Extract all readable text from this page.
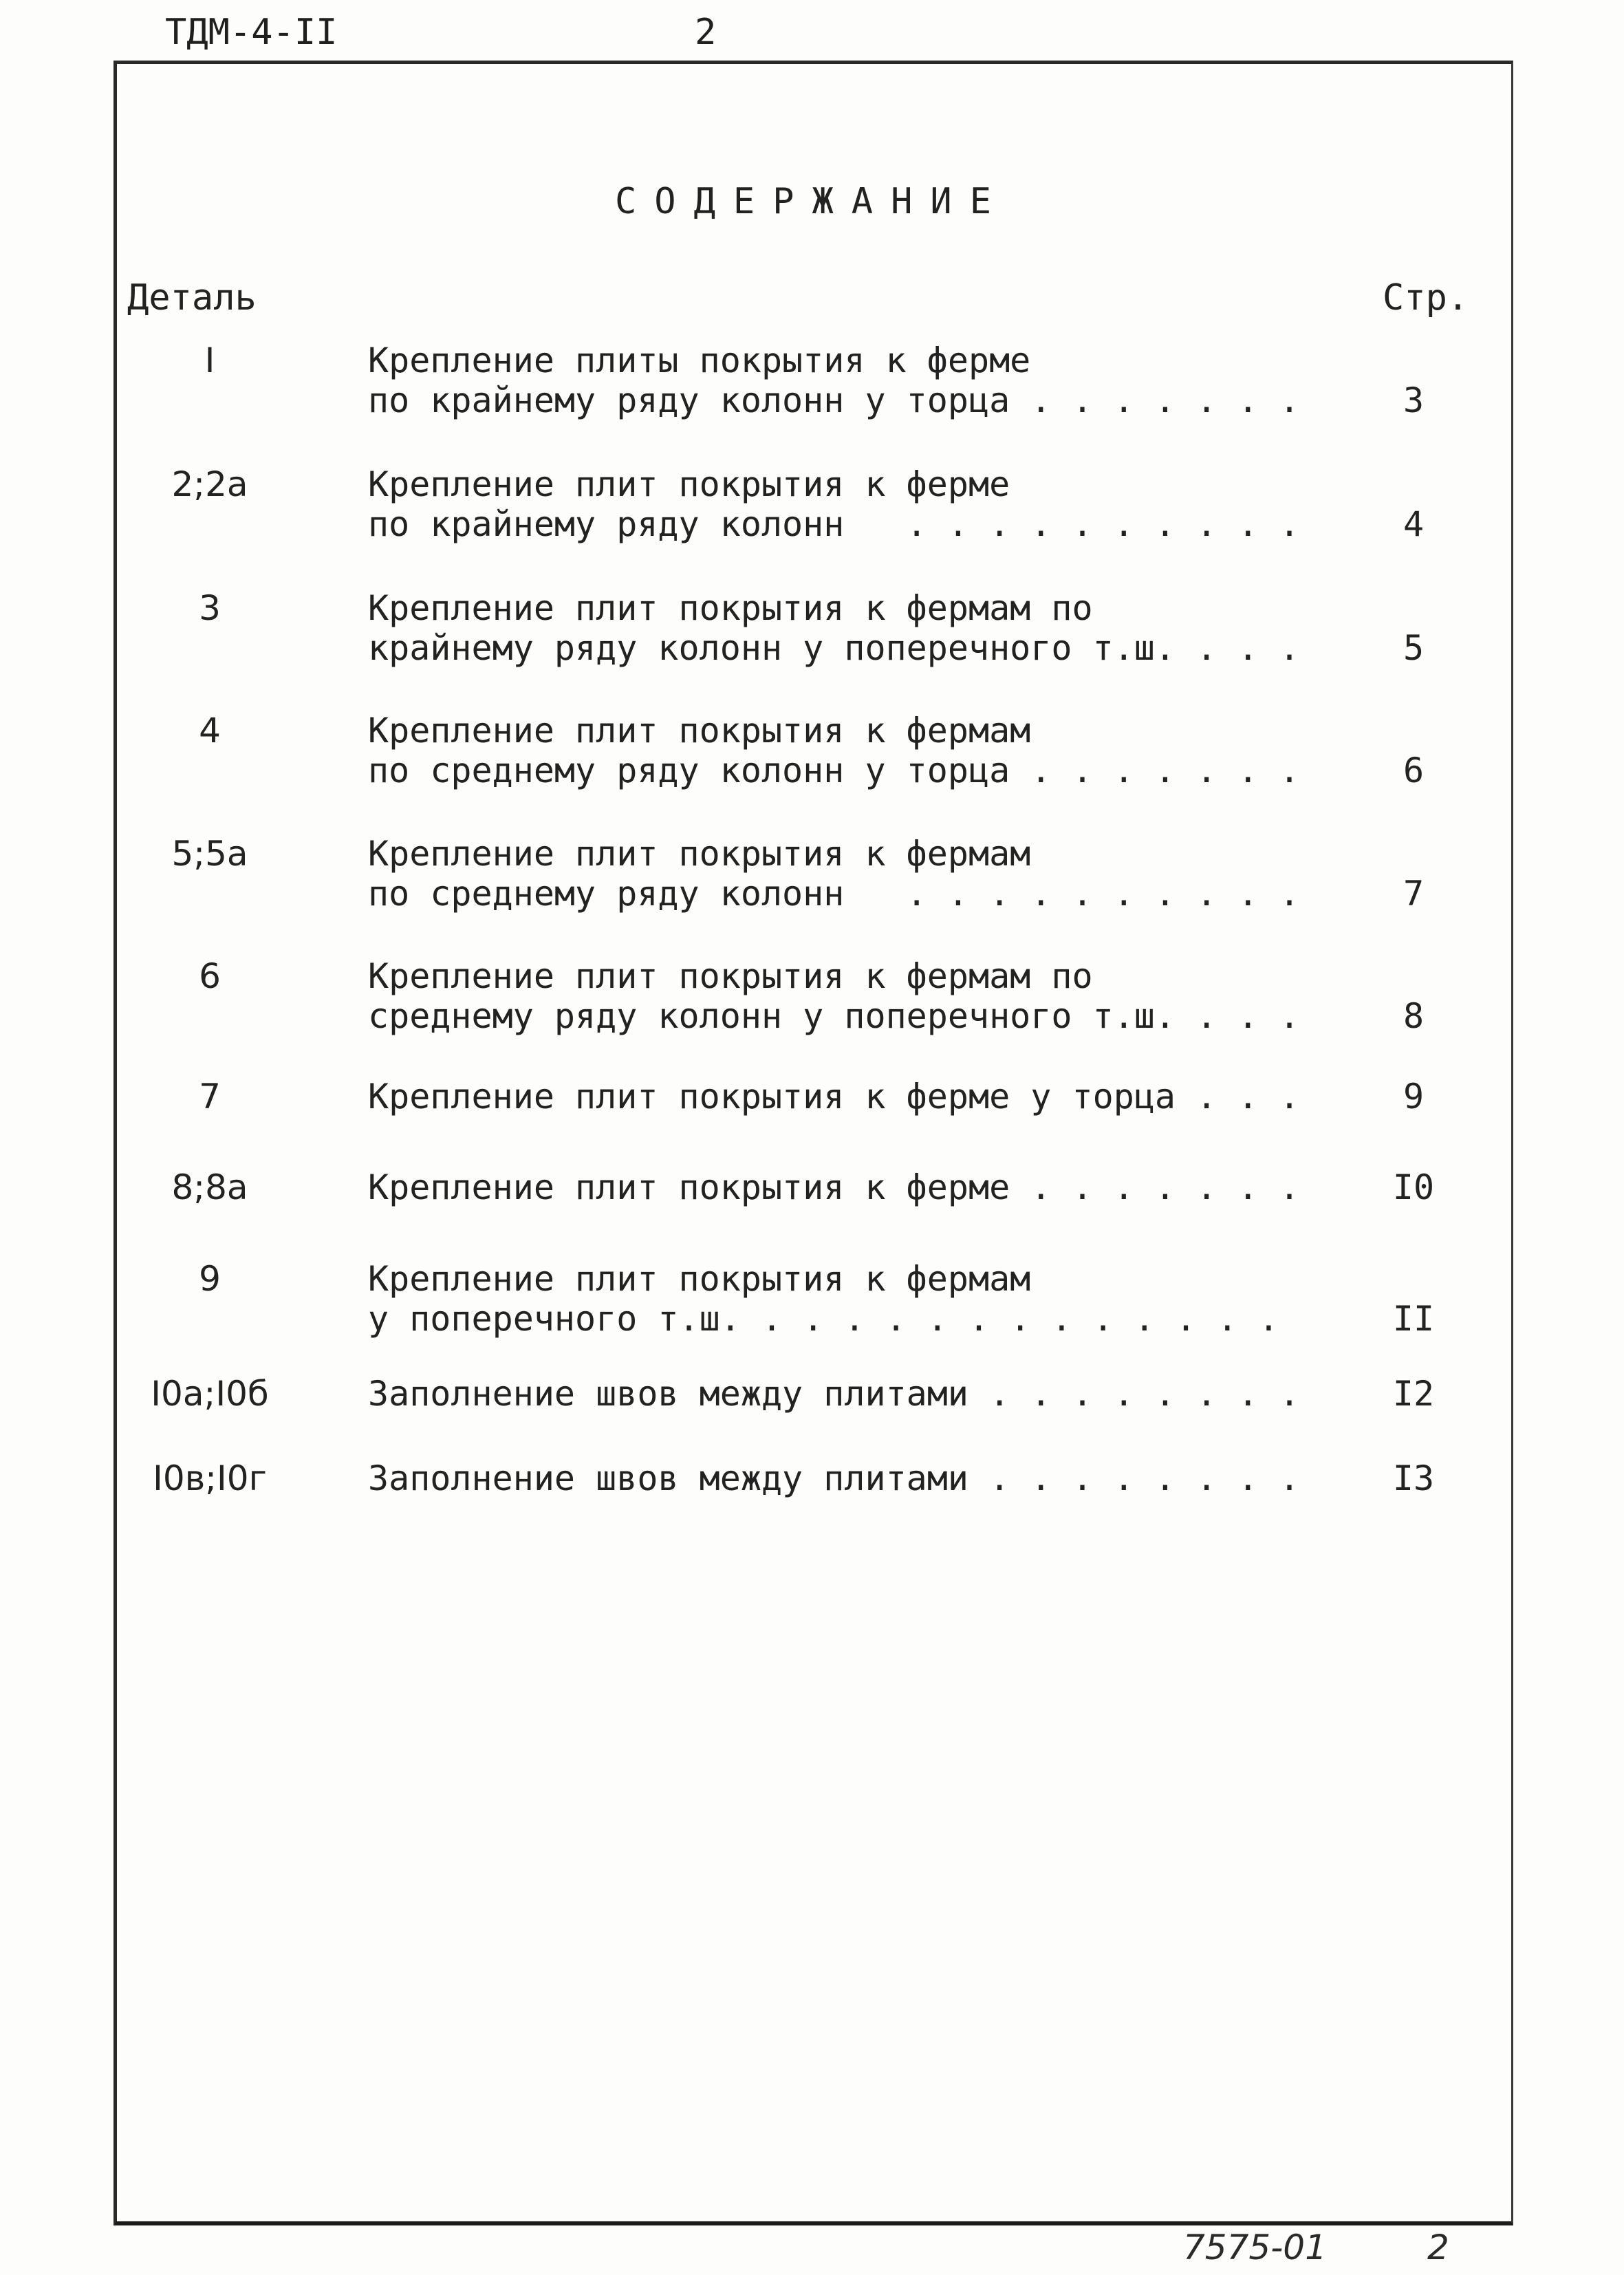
ТДМ-4-II	2
СОДЕРЖАНИЕ
Деталь	Стр.
I	Крепление плиты покрытия к ферме
по крайнему ряду колонн у торца . . . . . . .	3
2;2а	Крепление плит покрытия к ферме
по крайнему ряду колонн   . . . . . . . . . .	4
3	Крепление плит покрытия к фермам по
крайнему ряду колонн у поперечного т.ш. . . .	5
4	Крепление плит покрытия к фермам
по среднему ряду колонн у торца . . . . . . .	6
5;5а	Крепление плит покрытия к фермам
по среднему ряду колонн   . . . . . . . . . .	7
6	Крепление плит покрытия к фермам по
среднему ряду колонн у поперечного т.ш. . . .	8
7	Крепление плит покрытия к ферме у торца . . .	9
8;8а	Крепление плит покрытия к ферме . . . . . . .	I0
9	Крепление плит покрытия к фермам
у поперечного т.ш. . . . . . . . . . . . . .	II
I0а;I0б	Заполнение швов между плитами . . . . . . . .	I2
I0в;I0г	Заполнение швов между плитами . . . . . . . .	I3
7575-01	2
